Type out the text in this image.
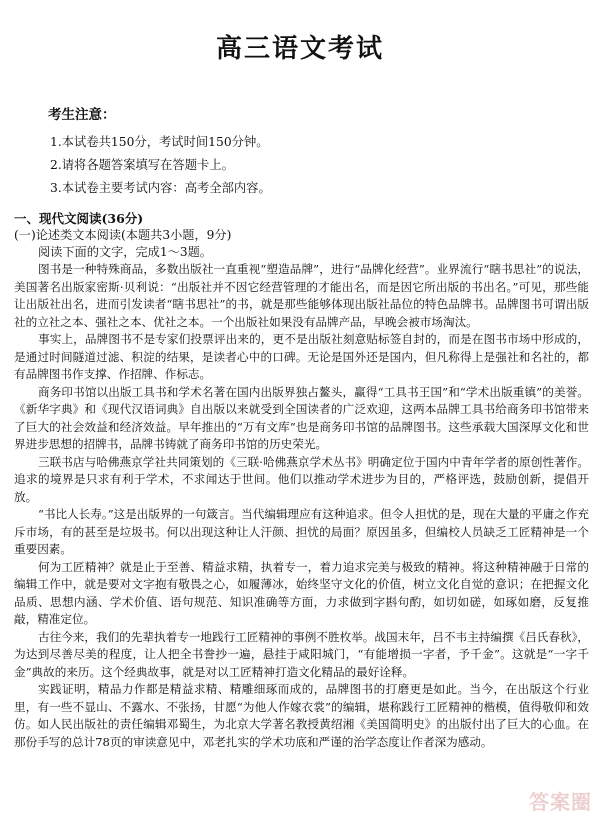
高三语文考试
考生注意：
1.本试卷共150分，考试时间150分钟。
2.请将各题答案填写在答题卡上。
3.本试卷主要考试内容：高考全部内容。
一、现代文阅读(36分)
(一)论述类文本阅读(本题共3小题，9分)
阅读下面的文字，完成1～3题。

图书是一种特殊商品，多数出版社一直重视“塑造品牌”，进行“品牌化经营”。业界流行“瞎书思社”的说法，美国著名出版家密斯·贝利说：“出版社并不因它经营管理的才能出名，而是因它所出版的书出名。”可见，那些能让出版社出名，进而引发读者“瞎书思社”的书，就是那些能够体现出版社品位的特色品牌书。品牌图书可谓出版社的立社之本、强社之本、优社之本。一个出版社如果没有品牌产品，早晚会被市场淘汰。

事实上，品牌图书不是专家们投票评出来的，更不是出版社刻意贴标签自封的，而是在图书市场中形成的，是通过时间隧道过滤、积淀的结果，是读者心中的口碑。无论是国外还是国内，但凡称得上是强社和名社的，都有品牌图书作支撑、作招牌、作标志。

商务印书馆以出版工具书和学术名著在国内出版界独占鳌头，赢得“工具书王国”和“学术出版重镇”的美誉。《新华字典》和《现代汉语词典》自出版以来就受到全国读者的广泛欢迎，这两本品牌工具书给商务印书馆带来了巨大的社会效益和经济效益。早年推出的“万有文库”也是商务印书馆的品牌图书。这些承载大国深厚文化和世界进步思想的招牌书，品牌书铸就了商务印书馆的历史荣光。

三联书店与哈佛燕京学社共同策划的《三联·哈佛燕京学术丛书》明确定位于国内中青年学者的原创性著作。追求的境界是只求有利于学术，不求闻达于世间。他们以推动学术进步为目的，严格评选，鼓励创新，提倡开放。

“书比人长寿。”这是出版界的一句箴言。当代编辑理应有这种追求。但令人担忧的是，现在大量的平庸之作充斥市场，有的甚至是垃圾书。何以出现这种让人汗颜、担忧的局面？原因虽多，但编校人员缺乏工匠精神是一个重要因素。

何为工匠精神？就是止于至善、精益求精，执着专一，着力追求完美与极致的精神。将这种精神融于日常的编辑工作中，就是要对文字抱有敬畏之心，如履薄冰，始终坚守文化的价值，树立文化自觉的意识；在把握文化品质、思想内涵、学术价值、语句规范、知识准确等方面，力求做到字斟句酌，如切如磋，如琢如磨，反复推敲，精准定位。

古往今来，我们的先辈执着专一地践行工匠精神的事例不胜枚举。战国末年，吕不韦主持编撰《吕氏春秋》，为达到尽善尽美的程度，让人把全书誊抄一遍，悬挂于咸阳城门，“有能增损一字者，予千金”。这就是“一字千金”典故的来历。这个经典故事，就是对以工匠精神打造文化精品的最好诠释。

实践证明，精品力作都是精益求精、精雕细琢而成的，品牌图书的打磨更是如此。当今，在出版这个行业里，有一些不显山、不露水、不张扬，甘愿“为他人作嫁衣裳”的编辑，堪称践行工匠精神的楷模，值得敬仰和效仿。如人民出版社的责任编辑邓蜀生，为北京大学著名教授黄绍湘《美国简明史》的出版付出了巨大的心血。在那份手写的总计78页的审读意见中，邓老扎实的学术功底和严谨的治学态度让作者深为感动。

答案圈
